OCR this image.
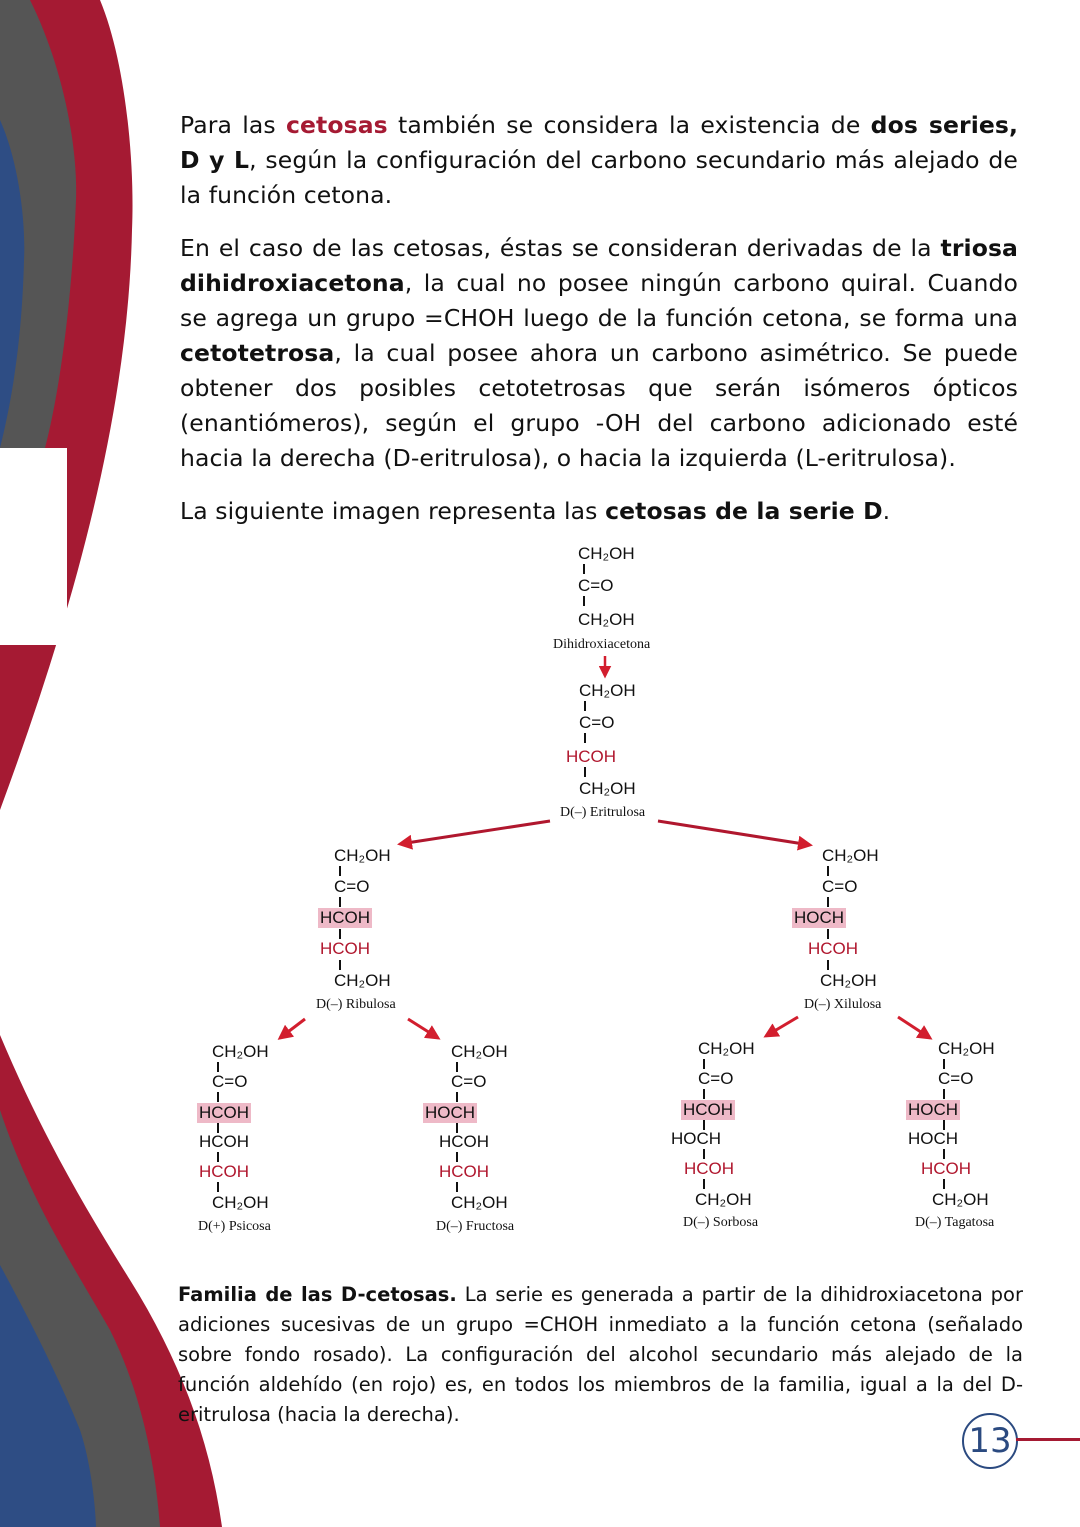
Para las cetosas también se considera la existencia de dos series, D y L, según la configuración del carbono secundario más alejado de la función cetona.

En el caso de las cetosas, éstas se consideran derivadas de la triosa dihidroxiacetona, la cual no posee ningún carbono quiral. Cuando se agrega un grupo =CHOH luego de la función cetona, se forma una cetotetrosa, la cual posee ahora un carbono asimétrico. Se puede obtener dos posibles cetotetrosas que serán isómeros ópticos (enantiómeros), según el grupo -OH del carbono adicionado esté hacia la derecha (D-eritrulosa), o hacia la izquierda (L-eritrulosa).

La siguiente imagen representa las cetosas de la serie D.

CH₂OH
C=O
CH₂OH
Dihidroxiacetona
CH₂OH
C=O
HCOH
CH₂OH
D(–) Eritrulosa
CH₂OH
C=O
HCOH
HCOH
CH₂OH
D(–) Ribulosa
CH₂OH
C=O
HOCH
HCOH
CH₂OH
D(–) Xilulosa
CH₂OH
C=O
HCOH
HCOH
HCOH
CH₂OH
D(+) Psicosa
CH₂OH
C=O
HOCH
HCOH
HCOH
CH₂OH
D(–) Fructosa
CH₂OH
C=O
HCOH
HOCH
HCOH
CH₂OH
D(–) Sorbosa
CH₂OH
C=O
HOCH
HOCH
HCOH
CH₂OH
D(–) Tagatosa

Familia de las D-cetosas. La serie es generada a partir de la dihidroxiacetona por adiciones sucesivas de un grupo =CHOH inmediato a la función cetona (señalado sobre fondo rosado). La configuración del alcohol secundario más alejado de la función aldehído (en rojo) es, en todos los miembros de la familia, igual a la del D-eritrulosa (hacia la derecha).

13
